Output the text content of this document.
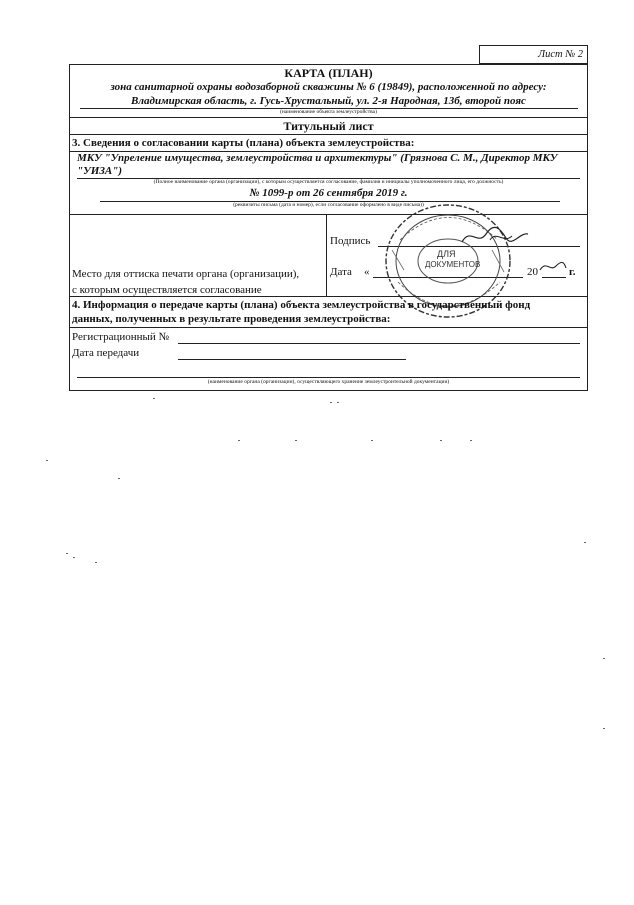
Лист № 2
КАРТА (ПЛАН)
зона санитарной охраны водозаборной скважины № 6 (19849), расположенной по адресу:
Владимирская область, г. Гусь-Хрустальный, ул. 2-я Народная, 13б, второй пояс
(наименование объекта землеустройства)
Титульный лист
3. Сведения о согласовании карты (плана) объекта землеустройства:
МКУ "Упреление имущества, землеустройства и архитектуры" (Грязнова С. М., Директор МКУ
"УИЗА")
(Полное наименование органа (организации), с которым осуществляется согласование, фамилия и инициалы уполномоченного лица, его должность)
№ 1099-р от 26 сентября 2019 г.
(реквизиты письма (дата и номер), если согласование оформлено в виде письма))
Место для оттиска печати органа (организации),
с которым осуществляется согласование
Подпись
Дата «	20	г.
ДЛЯ
ДОКУМЕНТОВ
4. Информация о передаче карты (плана) объекта землеустройства в государственный фонд
данных, полученных в результате проведения землеустройства:
Регистрационный №
Дата передачи
(наименование органа (организации), осуществляющего хранение землеустроительной документации)
